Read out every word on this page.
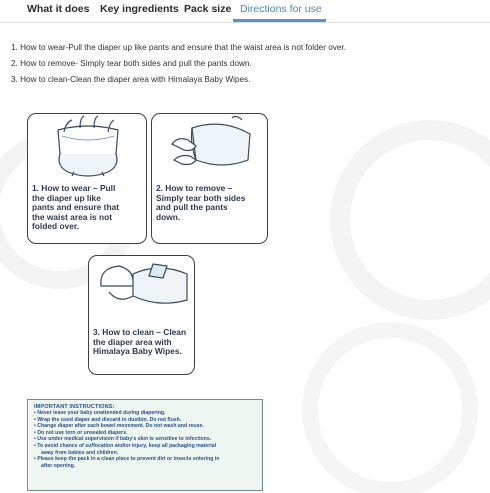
What it does Key ingredients Pack size Directions for use
1. How to wear-Pull the diaper up like pants and ensure that the waist area is not folder over.
2. How to remove- Simply tear both sides and pull the pants down.
3. How to clean-Clean the diaper area with Himalaya Baby Wipes.
1. How to wear – Pull
the diaper up like
pants and ensure that
the waist area is not
folded over.
2. How to remove –
Simply tear both sides
and pull the pants
down.
3. How to clean – Clean
the diaper area with
Himalaya Baby Wipes.
IMPORTANT INSTRUCTIONS:
• Never leave your baby unattended during diapering.
• Wrap the used diaper and discard in dustbin. Do not flush.
• Change diaper after each bowel movement. Do not wash and reuse.
• Do not use torn or unsealed diapers.
• Use under medical supervision if baby's skin is sensitive to infections.
• To avoid chance of suffocation and/or injury, keep all packaging material
away from babies and children.
• Please keep the pack in a clean place to prevent dirt or insects entering in
after opening.
